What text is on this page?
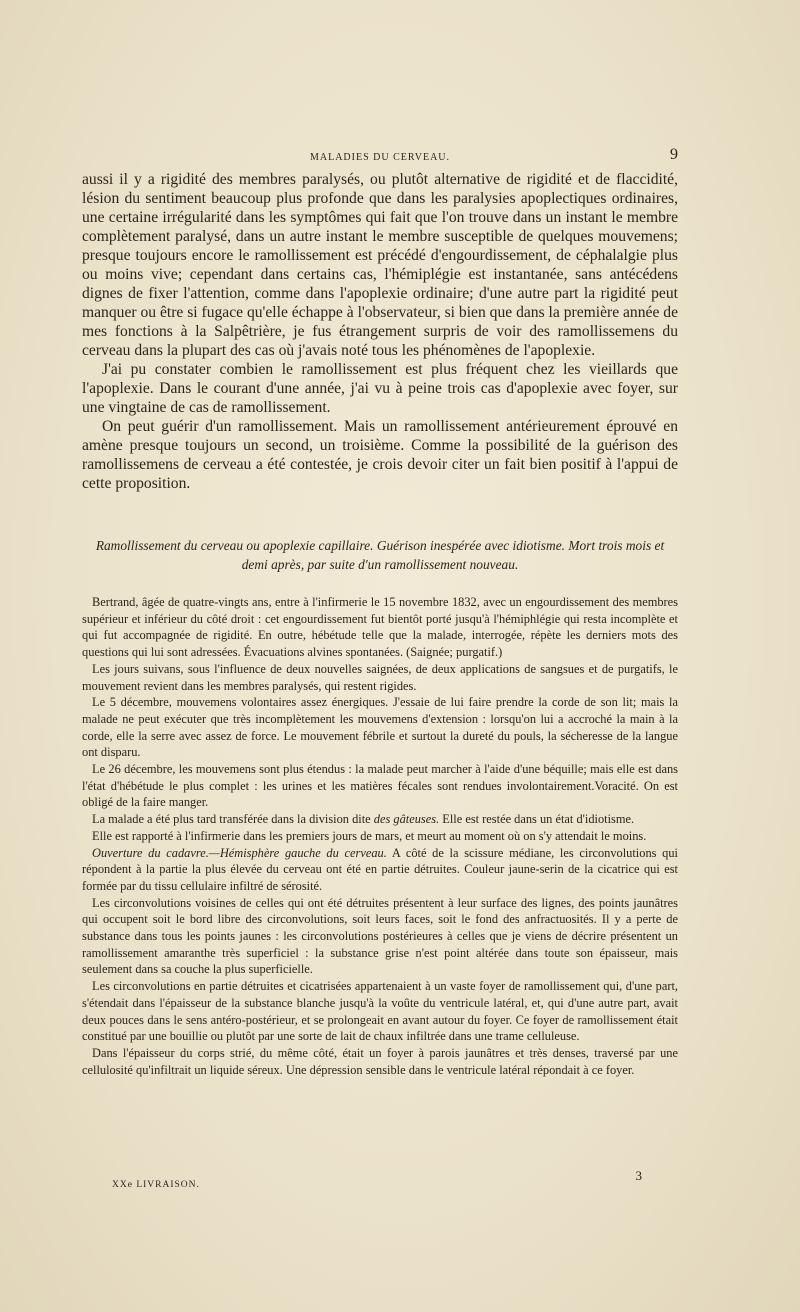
MALADIES DU CERVEAU.	9

aussi il y a rigidité des membres paralysés, ou plutôt alternative de rigidité et de flaccidité, lésion du sentiment beaucoup plus profonde que dans les paralysies apoplectiques ordinaires, une certaine irrégularité dans les symptômes qui fait que l'on trouve dans un instant le membre complètement paralysé, dans un autre instant le membre susceptible de quelques mouvemens; presque toujours encore le ramollissement est précédé d'engourdissement, de céphalalgie plus ou moins vive; cependant dans certains cas, l'hémiplégie est instantanée, sans antécédens dignes de fixer l'attention, comme dans l'apoplexie ordinaire; d'une autre part la rigidité peut manquer ou être si fugace qu'elle échappe à l'observateur, si bien que dans la première année de mes fonctions à la Salpêtrière, je fus étrangement surpris de voir des ramollissemens du cerveau dans la plupart des cas où j'avais noté tous les phénomènes de l'apoplexie.

J'ai pu constater combien le ramollissement est plus fréquent chez les vieillards que l'apoplexie. Dans le courant d'une année, j'ai vu à peine trois cas d'apoplexie avec foyer, sur une vingtaine de cas de ramollissement.

On peut guérir d'un ramollissement. Mais un ramollissement antérieurement éprouvé en amène presque toujours un second, un troisième. Comme la possibilité de la guérison des ramollissemens de cerveau a été contestée, je crois devoir citer un fait bien positif à l'appui de cette proposition.

Ramollissement du cerveau ou apoplexie capillaire. Guérison inespérée avec idiotisme. Mort trois mois et demi après, par suite d'un ramollissement nouveau.

Bertrand, âgée de quatre-vingts ans, entre à l'infirmerie le 15 novembre 1832, avec un engourdissement des membres supérieur et inférieur du côté droit : cet engourdissement fut bientôt porté jusqu'à l'hémiphlégie qui resta incomplète et qui fut accompagnée de rigidité. En outre, hébétude telle que la malade, interrogée, répète les derniers mots des questions qui lui sont adressées. Évacuations alvines spontanées. (Saignée; purgatif.)

Les jours suivans, sous l'influence de deux nouvelles saignées, de deux applications de sangsues et de purgatifs, le mouvement revient dans les membres paralysés, qui restent rigides.

Le 5 décembre, mouvemens volontaires assez énergiques. J'essaie de lui faire prendre la corde de son lit; mais la malade ne peut exécuter que très incomplètement les mouvemens d'extension : lorsqu'on lui a accroché la main à la corde, elle la serre avec assez de force. Le mouvement fébrile et surtout la dureté du pouls, la sécheresse de la langue ont disparu.

Le 26 décembre, les mouvemens sont plus étendus : la malade peut marcher à l'aide d'une béquille; mais elle est dans l'état d'hébétude le plus complet : les urines et les matières fécales sont rendues involontairement.Voracité. On est obligé de la faire manger.

La malade a été plus tard transférée dans la division dite des gâteuses. Elle est restée dans un état d'idiotisme.

Elle est rapporté à l'infirmerie dans les premiers jours de mars, et meurt au moment où on s'y attendait le moins.

Ouverture du cadavre.—Hémisphère gauche du cerveau. A côté de la scissure médiane, les circonvolutions qui répondent à la partie la plus élevée du cerveau ont été en partie détruites. Couleur jaune-serin de la cicatrice qui est formée par du tissu cellulaire infiltré de sérosité.

Les circonvolutions voisines de celles qui ont été détruites présentent à leur surface des lignes, des points jaunâtres qui occupent soit le bord libre des circonvolutions, soit leurs faces, soit le fond des anfractuosités. Il y a perte de substance dans tous les points jaunes : les circonvolutions postérieures à celles que je viens de décrire présentent un ramollissement amaranthe très superficiel : la substance grise n'est point altérée dans toute son épaisseur, mais seulement dans sa couche la plus superficielle.

Les circonvolutions en partie détruites et cicatrisées appartenaient à un vaste foyer de ramollissement qui, d'une part, s'étendait dans l'épaisseur de la substance blanche jusqu'à la voûte du ventricule latéral, et, qui d'une autre part, avait deux pouces dans le sens antéro-postérieur, et se prolongeait en avant autour du foyer. Ce foyer de ramollissement était constitué par une bouillie ou plutôt par une sorte de lait de chaux infiltrée dans une trame celluleuse.

Dans l'épaisseur du corps strié, du même côté, était un foyer à parois jaunâtres et très denses, traversé par une cellulosité qu'infiltrait un liquide séreux. Une dépression sensible dans le ventricule latéral répondait à ce foyer.

XXe LIVRAISON.
3
